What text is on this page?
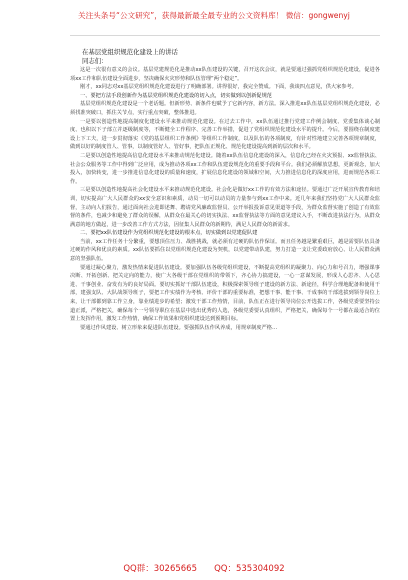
关注头条号“公文研究”，获得最新最全最专业的公文资料库！ 微信：gongwenyj
在基层党组织规范化建设上的讲话
同志们：

这是一次很有意义的会议。基层党建规范化是推动xx队伍建设的关键，召开这次会议，就是要通过强抓党组织规范化建设，促进各项xx工作和队伍建设全面进步，坚决确保火灾形势和队伍管理“两个稳定”。

刚才，xx同志对xx基层党组织规范化建设进行了明确部署。讲得很好，我完全赞成。下面，我谈四点意见，供大家参考。

一、要把方法手段创新作为基层党组织规范化建设的切入点，切实做到以创新促规范

基层党组织规范化建设是一个老话题。但新形势、新条件也赋予了它新内容，新方法。深入推进xx队伍基层党组织规范化建设，必须找准突破口，抓住关节点，实行重点突破，整体推进。

一是要以创造性地提高制度化建设水平来推动规范化建设。在过去工作中，xx队伍通过推行党建工作例会制度、党委集体谈心制度、也积以下子部立并逐级制度等，不断健全工作程序、完善工作举措，促进了党组织规范化建设水平的提升。今后，要围绕在制度建设上下工夫，进一步贯彻落实《党的基层组织工作条例》等组织工作制度，以及队伍的各项制度，有针对性地建立完善各项规章制度，做到以好的制度管人、管事，以制度管好人、管好事，把队伍正规化、规范化建设提高到新的层次和水平。

二是要以创造性地提高信息化建设水平来推动规范化建设。随着xx队伍信息化建设的深入，信息化已经在火灾预报、xx监督执法、社会公众服务等工作中得到广泛应用，成为推动各项xx工作和队伍建设规范化的重要手段和平台。我们必须解放思想，更新观念，加大投入，加快转变，进一步推进信息化建设的质量和速度，扩展信息化建设的领域和空间，大力推进信息化的深度应用，进而规范各项工作。

三是要以创造性地提高社会化建设水平来推动规范化建设。社会化是做好xx工作的有效方法和途径。要通过广泛开展宣传教育和培训，切实提高广大人民群众的xx安全意识和素质，动员一切可以动员的力量参与到xx工作中来。近几年来我们坚持党广大人民群众监督，主动向人们报告，通过面向社会进即述舞、聘请党风廉政监督员、公开举报投诉意见渠道等手段，为群众监督实施了创造了有效监督的条件，也减少和避免了群众的误解，从群众在最关心的切实执法、xx监督执法等方面的意见建议入手，不断改进执法行为，从群众满意的地方做起，进一步改善工作方式方法，因征集人民群众的新期待，满足人民群众的新需求。

二、要把xx队伍建设作为党组织规范化建设的根本点，切实做到以党建促队建

当前，xx工作任务十分繁重，要想顶住压力、战胜挑战，就必须有过硬的队伍作保证。而且任务越是繁重艰巨，越是需要队伍具备过硬的作风和优良的素质。xx队伍要抓住以党组织规范化建设为契机，以党建带动队建，努力打造一支让党委政府放心、让人民群众满意的坚强队伍。

要通过凝心聚力，激发热情来促进队伍建设。要加强队伍各级党组织建设，不断提高党组织的凝聚力、向心力和号召力，增强课事决断、开拓创新、把关定向的能力，使广大各级干部在党组织的带领下，齐心协力搞建设，一心一意谋发展，形成人心思齐、人心思进、干事创业、奋发有为的良好局面。要切实抓好干部队伍建设，积极探索领导班子建设的新方法、新途径，科学合理地配备和使用干部，建强支队、大队战领导班子，要把工作实绩作为考核、评价干部的重要标准，把想干事、能干事、干成事的干部选拔到领导岗位上来，让干部都到靠工作立身，靠业绩进步的希望；激发干部工作热情，目前，队伍正在进行领导岗位公开选拔工作，各级党委要坚持公道正派，严格把关，确保每个一号领导职位在基层中选出优秀的人选，各级党委要认真组织，严格把关，确保每个一号都在最适合的位置上发挥作用，激发工作热情，确保工作效果和党组织建设达到预期目标。

要通过作风建设、树立形象来促进队伍建设。要强抓队伍作风养成，用规章制度严格…

QQ群：30265665 QQ：535304092
